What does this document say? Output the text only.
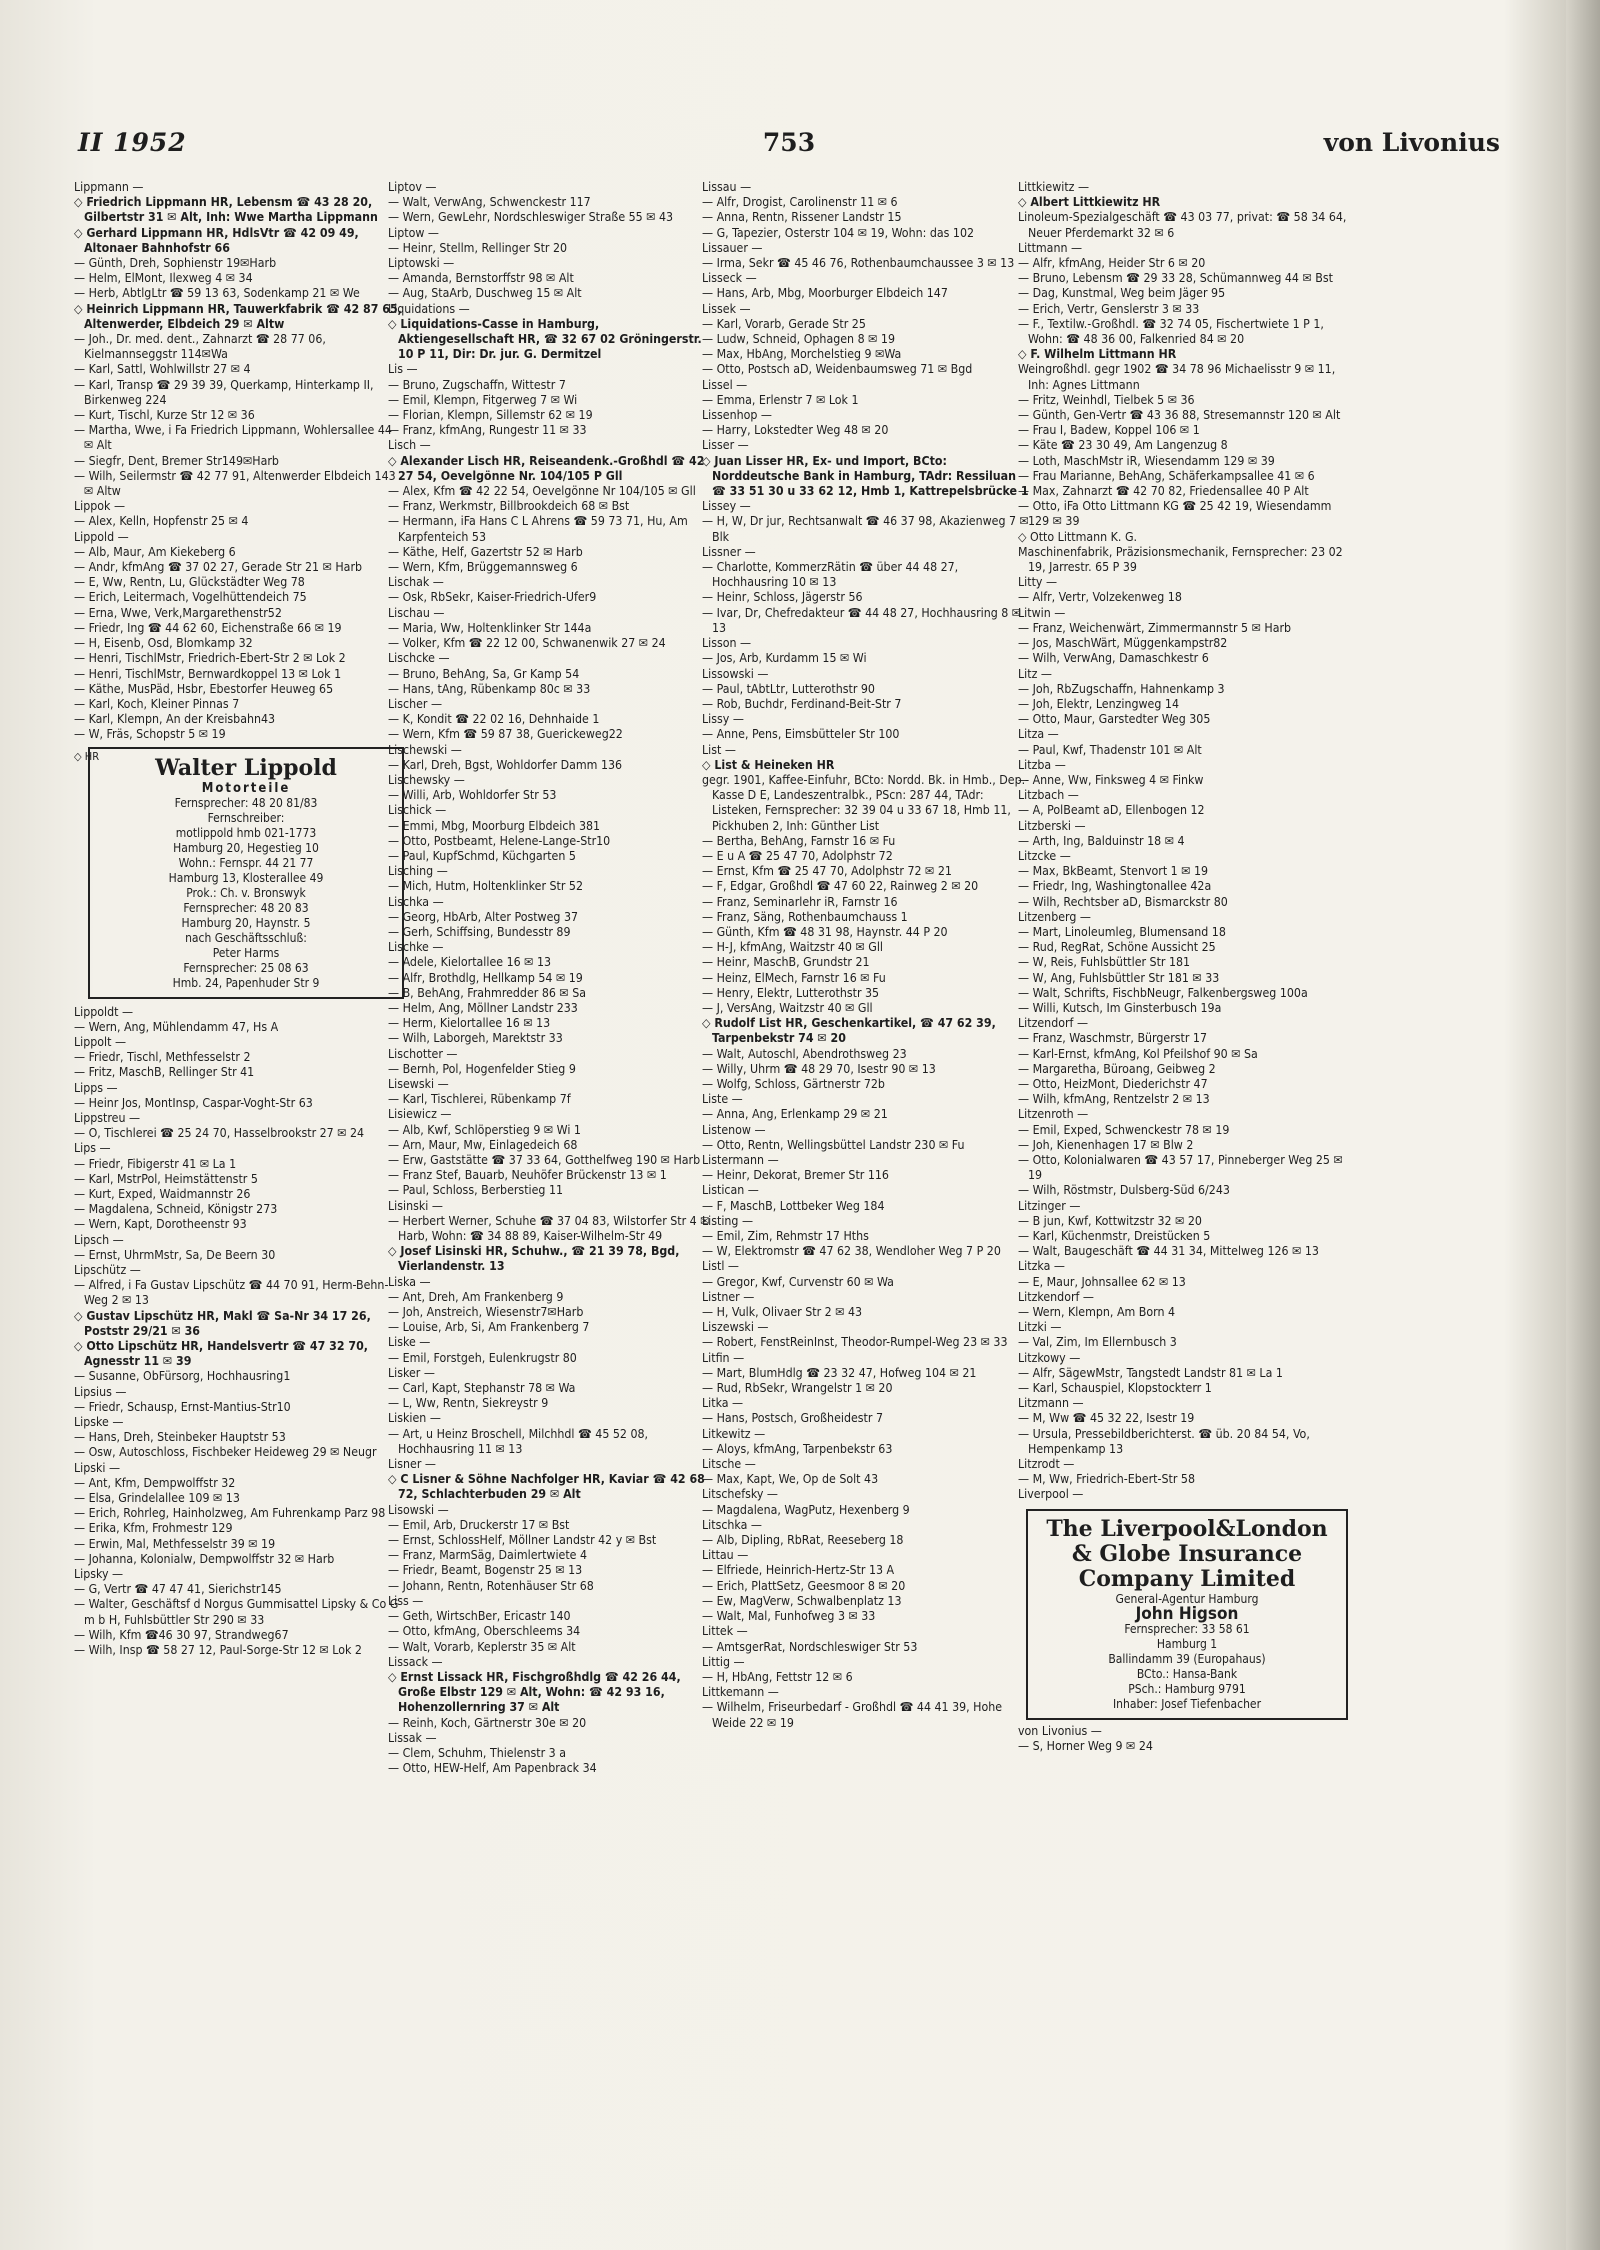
II 1952	753	von Livonius
Lippmann —
◇ Friedrich Lippmann HR, Lebensm ☎ 43 28 20, Gilbertstr 31 ✉ Alt, Inh: Wwe Martha Lippmann
◇ Gerhard Lippmann HR, HdlsVtr ☎ 42 09 49, Altonaer Bahnhofstr 66
— Günth, Dreh, Sophienstr 19✉Harb
— Helm, ElMont, Ilexweg 4 ✉ 34
— Herb, AbtlgLtr ☎ 59 13 63, Sodenkamp 21 ✉ We
◇ Heinrich Lippmann HR, Tauwerkfabrik ☎ 42 87 65, Altenwerder, Elbdeich 29 ✉ Altw
— Joh., Dr. med. dent., Zahnarzt ☎ 28 77 06, Kielmannseggstr 114✉Wa
— Karl, Sattl, Wohlwillstr 27 ✉ 4
— Karl, Transp ☎ 29 39 39, Querkamp, Hinterkamp II, Birkenweg 224
— Kurt, Tischl, Kurze Str 12 ✉ 36
— Martha, Wwe, i Fa Friedrich Lippmann, Wohlersallee 44 ✉ Alt
— Siegfr, Dent, Bremer Str149✉Harb
— Wilh, Seilermstr ☎ 42 77 91, Altenwerder Elbdeich 143 ✉ Altw
Lippok —
— Alex, Kelln, Hopfenstr 25 ✉ 4
Lippold —
— Alb, Maur, Am Kiekeberg 6
— Andr, kfmAng ☎ 37 02 27, Gerade Str 21 ✉ Harb
— E, Ww, Rentn, Lu, Glückstädter Weg 78
— Erich, Leitermach, Vogelhüttendeich 75
— Erna, Wwe, Verk,Margarethenstr52
— Friedr, Ing ☎ 44 62 60, Eichenstraße 66 ✉ 19
— H, Eisenb, Osd, Blomkamp 32
— Henri, TischlMstr, Friedrich-Ebert-Str 2 ✉ Lok 2
— Henri, TischlMstr, Bernwardkoppel 13 ✉ Lok 1
— Käthe, MusPäd, Hsbr, Ebestorfer Heuweg 65
— Karl, Koch, Kleiner Pinnas 7
— Karl, Klempn, An der Kreisbahn43
— W, Fräs, Schopstr 5 ✉ 19
◇ HR	Walter Lippold
Motorteile
Fernsprecher: 48 20 81/83
Fernschreiber:
motlippold hmb 021-1773
Hamburg 20, Hegestieg 10
Wohn.: Fernspr. 44 21 77
Hamburg 13, Klosterallee 49
Prok.: Ch. v. Bronswyk
Fernsprecher: 48 20 83
Hamburg 20, Haynstr. 5
nach Geschäftsschluß:
Peter Harms
Fernsprecher: 25 08 63
Hmb. 24, Papenhuder Str 9
Lippoldt —
— Wern, Ang, Mühlendamm 47, Hs A
Lippolt —
— Friedr, Tischl, Methfesselstr 2
— Fritz, MaschB, Rellinger Str 41
Lipps —
— Heinr Jos, MontInsp, Caspar-Voght-Str 63
Lippstreu —
— O, Tischlerei ☎ 25 24 70, Hasselbrookstr 27 ✉ 24
Lips —
— Friedr, Fibigerstr 41 ✉ La 1
— Karl, MstrPol, Heimstättenstr 5
— Kurt, Exped, Waidmannstr 26
— Magdalena, Schneid, Königstr 273
— Wern, Kapt, Dorotheenstr 93
Lipsch —
— Ernst, UhrmMstr, Sa, De Beern 30
Lipschütz —
— Alfred, i Fa Gustav Lipschütz ☎ 44 70 91, Herm-Behn-Weg 2 ✉ 13
◇ Gustav Lipschütz HR, Makl ☎ Sa-Nr 34 17 26, Poststr 29/21 ✉ 36
◇ Otto Lipschütz HR, Handelsvertr ☎ 47 32 70, Agnesstr 11 ✉ 39
— Susanne, ObFürsorg, Hochhausring1
Lipsius —
— Friedr, Schausp, Ernst-Mantius-Str10
Lipske —
— Hans, Dreh, Steinbeker Hauptstr 53
— Osw, Autoschloss, Fischbeker Heideweg 29 ✉ Neugr
Lipski —
— Ant, Kfm, Dempwolffstr 32
— Elsa, Grindelallee 109 ✉ 13
— Erich, Rohrleg, Hainholzweg, Am Fuhrenkamp Parz 98
— Erika, Kfm, Frohmestr 129
— Erwin, Mal, Methfesselstr 39 ✉ 19
— Johanna, Kolonialw, Dempwolffstr 32 ✉ Harb
Lipsky —
— G, Vertr ☎ 47 47 41, Sierichstr145
— Walter, Geschäftsf d Norgus Gummisattel Lipsky & Co G m b H, Fuhlsbüttler Str 290 ✉ 33
— Wilh, Kfm ☎46 30 97, Strandweg67
— Wilh, Insp ☎ 58 27 12, Paul-Sorge-Str 12 ✉ Lok 2
Liptov —
— Walt, VerwAng, Schwenckestr 117
— Wern, GewLehr, Nordschleswiger Straße 55 ✉ 43
Liptow —
— Heinr, Stellm, Rellinger Str 20
Liptowski —
— Amanda, Bernstorffstr 98 ✉ Alt
— Aug, StaArb, Duschweg 15 ✉ Alt
Liquidations —
◇ Liquidations-Casse in Hamburg, Aktiengesellschaft HR, ☎ 32 67 02 Gröningerstr. 10 P 11, Dir: Dr. jur. G. Dermitzel
Lis —
— Bruno, Zugschaffn, Wittestr 7
— Emil, Klempn, Fitgerweg 7 ✉ Wi
— Florian, Klempn, Sillemstr 62 ✉ 19
— Franz, kfmAng, Rungestr 11 ✉ 33
Lisch —
◇ Alexander Lisch HR, Reiseandenk.-Großhdl ☎ 42 27 54, Oevelgönne Nr. 104/105 P Gll
— Alex, Kfm ☎ 42 22 54, Oevelgönne Nr 104/105 ✉ Gll
— Franz, Werkmstr, Billbrookdeich 68 ✉ Bst
— Hermann, iFa Hans C L Ahrens ☎ 59 73 71, Hu, Am Karpfenteich 53
— Käthe, Helf, Gazertstr 52 ✉ Harb
— Wern, Kfm, Brüggemannsweg 6
Lischak —
— Osk, RbSekr, Kaiser-Friedrich-Ufer9
Lischau —
— Maria, Ww, Holtenklinker Str 144a
— Volker, Kfm ☎ 22 12 00, Schwanenwik 27 ✉ 24
Lischcke —
— Bruno, BehAng, Sa, Gr Kamp 54
— Hans, tAng, Rübenkamp 80c ✉ 33
Lischer —
— K, Kondit ☎ 22 02 16, Dehnhaide 1
— Wern, Kfm ☎ 59 87 38, Guerickeweg22
Lischewski —
— Karl, Dreh, Bgst, Wohldorfer Damm 136
Lischewsky —
— Willi, Arb, Wohldorfer Str 53
Lischick —
— Emmi, Mbg, Moorburg Elbdeich 381
— Otto, Postbeamt, Helene-Lange-Str10
— Paul, KupfSchmd, Küchgarten 5
Lisching —
— Mich, Hutm, Holtenklinker Str 52
Lischka —
— Georg, HbArb, Alter Postweg 37
— Gerh, Schiffsing, Bundesstr 89
Lischke —
— Adele, Kielortallee 16 ✉ 13
— Alfr, Brothdlg, Hellkamp 54 ✉ 19
— B, BehAng, Frahmredder 86 ✉ Sa
— Helm, Ang, Möllner Landstr 233
— Herm, Kielortallee 16 ✉ 13
— Wilh, Laborgeh, Marektstr 33
Lischotter —
— Bernh, Pol, Hogenfelder Stieg 9
Lisewski —
— Karl, Tischlerei, Rübenkamp 7f
Lisiewicz —
— Alb, Kwf, Schlöperstieg 9 ✉ Wi 1
— Arn, Maur, Mw, Einlagedeich 68
— Erw, Gaststätte ☎ 37 33 64, Gotthelfweg 190 ✉ Harb
— Franz Stef, Bauarb, Neuhöfer Brückenstr 13 ✉ 1
— Paul, Schloss, Berberstieg 11
Lisinski —
— Herbert Werner, Schuhe ☎ 37 04 83, Wilstorfer Str 4 ✉ Harb, Wohn: ☎ 34 88 89, Kaiser-Wilhelm-Str 49
◇ Josef Lisinski HR, Schuhw., ☎ 21 39 78, Bgd, Vierlandenstr. 13
Liska —
— Ant, Dreh, Am Frankenberg 9
— Joh, Anstreich, Wiesenstr7✉Harb
— Louise, Arb, Si, Am Frankenberg 7
Liske —
— Emil, Forstgeh, Eulenkrugstr 80
Lisker —
— Carl, Kapt, Stephanstr 78 ✉ Wa
— L, Ww, Rentn, Siekreystr 9
Liskien —
— Art, u Heinz Broschell, Milchhdl ☎ 45 52 08, Hochhausring 11 ✉ 13
Lisner —
◇ C Lisner & Söhne Nachfolger HR, Kaviar ☎ 42 68 72, Schlachterbuden 29 ✉ Alt
Lisowski —
— Emil, Arb, Druckerstr 17 ✉ Bst
— Ernst, SchlossHelf, Möllner Landstr 42 y ✉ Bst
— Franz, MarmSäg, Daimlertwiete 4
— Friedr, Beamt, Bogenstr 25 ✉ 13
— Johann, Rentn, Rotenhäuser Str 68
Liss —
— Geth, WirtschBer, Ericastr 140
— Otto, kfmAng, Oberschleems 34
— Walt, Vorarb, Keplerstr 35 ✉ Alt
Lissack —
◇ Ernst Lissack HR, Fischgroßhdlg ☎ 42 26 44, Große Elbstr 129 ✉ Alt, Wohn: ☎ 42 93 16, Hohenzollernring 37 ✉ Alt
— Reinh, Koch, Gärtnerstr 30e ✉ 20
Lissak —
— Clem, Schuhm, Thielenstr 3 a
— Otto, HEW-Helf, Am Papenbrack 34
Lissau —
— Alfr, Drogist, Carolinenstr 11 ✉ 6
— Anna, Rentn, Rissener Landstr 15
— G, Tapezier, Osterstr 104 ✉ 19, Wohn: das 102
Lissauer —
— Irma, Sekr ☎ 45 46 76, Rothenbaumchaussee 3 ✉ 13
Lisseck —
— Hans, Arb, Mbg, Moorburger Elbdeich 147
Lissek —
— Karl, Vorarb, Gerade Str 25
— Ludw, Schneid, Ophagen 8 ✉ 19
— Max, HbAng, Morchelstieg 9 ✉Wa
— Otto, Postsch aD, Weidenbaumsweg 71 ✉ Bgd
Lissel —
— Emma, Erlenstr 7 ✉ Lok 1
Lissenhop —
— Harry, Lokstedter Weg 48 ✉ 20
Lisser —
◇ Juan Lisser HR, Ex- und Import, BCto: Norddeutsche Bank in Hamburg, TAdr: Ressiluan ☎ 33 51 30 u 33 62 12, Hmb 1, Kattrepelsbrücke 1
Lissey —
— H, W, Dr jur, Rechtsanwalt ☎ 46 37 98, Akazienweg 7 ✉ Blk
Lissner —
— Charlotte, KommerzRätin ☎ über 44 48 27, Hochhausring 10 ✉ 13
— Heinr, Schloss, Jägerstr 56
— Ivar, Dr, Chefredakteur ☎ 44 48 27, Hochhausring 8 ✉ 13
Lisson —
— Jos, Arb, Kurdamm 15 ✉ Wi
Lissowski —
— Paul, tAbtLtr, Lutterothstr 90
— Rob, Buchdr, Ferdinand-Beit-Str 7
Lissy —
— Anne, Pens, Eimsbütteler Str 100
List —
◇ List & Heineken HR
gegr. 1901, Kaffee-Einfuhr, BCto: Nordd. Bk. in Hmb., Dep.-Kasse D E, Landeszentralbk., PScn: 287 44, TAdr: Listeken, Fernsprecher: 32 39 04 u 33 67 18, Hmb 11, Pickhuben 2, Inh: Günther List
— Bertha, BehAng, Farnstr 16 ✉ Fu
— E u A ☎ 25 47 70, Adolphstr 72
— Ernst, Kfm ☎ 25 47 70, Adolphstr 72 ✉ 21
— F, Edgar, Großhdl ☎ 47 60 22, Rainweg 2 ✉ 20
— Franz, Seminarlehr iR, Farnstr 16
— Franz, Säng, Rothenbaumchauss 1
— Günth, Kfm ☎ 48 31 98, Haynstr. 44 P 20
— H-J, kfmAng, Waitzstr 40 ✉ Gll
— Heinr, MaschB, Grundstr 21
— Heinz, ElMech, Farnstr 16 ✉ Fu
— Henry, Elektr, Lutterothstr 35
— J, VersAng, Waitzstr 40 ✉ Gll
◇ Rudolf List HR, Geschenkartikel, ☎ 47 62 39, Tarpenbekstr 74 ✉ 20
— Walt, Autoschl, Abendrothsweg 23
— Willy, Uhrm ☎ 48 29 70, Isestr 90 ✉ 13
— Wolfg, Schloss, Gärtnerstr 72b
Liste —
— Anna, Ang, Erlenkamp 29 ✉ 21
Listenow —
— Otto, Rentn, Wellingsbüttel Landstr 230 ✉ Fu
Listermann —
— Heinr, Dekorat, Bremer Str 116
Listican —
— F, MaschB, Lottbeker Weg 184
Listing —
— Emil, Zim, Rehmstr 17 Hths
— W, Elektromstr ☎ 47 62 38, Wendloher Weg 7 P 20
Listl —
— Gregor, Kwf, Curvenstr 60 ✉ Wa
Listner —
— H, Vulk, Olivaer Str 2 ✉ 43
Liszewski —
— Robert, FenstReinInst, Theodor-Rumpel-Weg 23 ✉ 33
Litfin —
— Mart, BlumHdlg ☎ 23 32 47, Hofweg 104 ✉ 21
— Rud, RbSekr, Wrangelstr 1 ✉ 20
Litka —
— Hans, Postsch, Großheidestr 7
Litkewitz —
— Aloys, kfmAng, Tarpenbekstr 63
Litsche —
— Max, Kapt, We, Op de Solt 43
Litschefsky —
— Magdalena, WagPutz, Hexenberg 9
Litschka —
— Alb, Dipling, RbRat, Reeseberg 18
Littau —
— Elfriede, Heinrich-Hertz-Str 13 A
— Erich, PlattSetz, Geesmoor 8 ✉ 20
— Ew, MagVerw, Schwalbenplatz 13
— Walt, Mal, Funhofweg 3 ✉ 33
Littek —
— AmtsgerRat, Nordschleswiger Str 53
Littig —
— H, HbAng, Fettstr 12 ✉ 6
Littkemann —
— Wilhelm, Friseurbedarf - Großhdl ☎ 44 41 39, Hohe Weide 22 ✉ 19
Littkiewitz —
◇ Albert Littkiewitz HR
Linoleum-Spezialgeschäft ☎ 43 03 77, privat: ☎ 58 34 64, Neuer Pferdemarkt 32 ✉ 6
Littmann —
— Alfr, kfmAng, Heider Str 6 ✉ 20
— Bruno, Lebensm ☎ 29 33 28, Schümannweg 44 ✉ Bst
— Dag, Kunstmal, Weg beim Jäger 95
— Erich, Vertr, Genslerstr 3 ✉ 33
— F., Textilw.-Großhdl. ☎ 32 74 05, Fischertwiete 1 P 1, Wohn: ☎ 48 36 00, Falkenried 84 ✉ 20
◇ F. Wilhelm Littmann HR
Weingroßhdl. gegr 1902 ☎ 34 78 96 Michaelisstr 9 ✉ 11, Inh: Agnes Littmann
— Fritz, Weinhdl, Tielbek 5 ✉ 36
— Günth, Gen-Vertr ☎ 43 36 88, Stresemannstr 120 ✉ Alt
— Frau I, Badew, Koppel 106 ✉ 1
— Käte ☎ 23 30 49, Am Langenzug 8
— Loth, MaschMstr iR, Wiesendamm 129 ✉ 39
— Frau Marianne, BehAng, Schäferkampsallee 41 ✉ 6
— Max, Zahnarzt ☎ 42 70 82, Friedensallee 40 P Alt
— Otto, iFa Otto Littmann KG ☎ 25 42 19, Wiesendamm 129 ✉ 39
◇ Otto Littmann K. G.
Maschinenfabrik, Präzisionsmechanik, Fernsprecher: 23 02 19, Jarrestr. 65 P 39
Litty —
— Alfr, Vertr, Volzekenweg 18
Litwin —
— Franz, Weichenwärt, Zimmermannstr 5 ✉ Harb
— Jos, MaschWärt, Müggenkampstr82
— Wilh, VerwAng, Damaschkestr 6
Litz —
— Joh, RbZugschaffn, Hahnenkamp 3
— Joh, Elektr, Lenzingweg 14
— Otto, Maur, Garstedter Weg 305
Litza —
— Paul, Kwf, Thadenstr 101 ✉ Alt
Litzba —
— Anne, Ww, Finksweg 4 ✉ Finkw
Litzbach —
— A, PolBeamt aD, Ellenbogen 12
Litzberski —
— Arth, Ing, Balduinstr 18 ✉ 4
Litzcke —
— Max, BkBeamt, Stenvort 1 ✉ 19
— Friedr, Ing, Washingtonallee 42a
— Wilh, Rechtsber aD, Bismarckstr 80
Litzenberg —
— Mart, Linoleumleg, Blumensand 18
— Rud, RegRat, Schöne Aussicht 25
— W, Reis, Fuhlsbüttler Str 181
— W, Ang, Fuhlsbüttler Str 181 ✉ 33
— Walt, Schrifts, FischbNeugr, Falkenbergsweg 100a
— Willi, Kutsch, Im Ginsterbusch 19a
Litzendorf —
— Franz, Waschmstr, Bürgerstr 17
— Karl-Ernst, kfmAng, Kol Pfeilshof 90 ✉ Sa
— Margaretha, Büroang, Geibweg 2
— Otto, HeizMont, Diederichstr 47
— Wilh, kfmAng, Rentzelstr 2 ✉ 13
Litzenroth —
— Emil, Exped, Schwenckestr 78 ✉ 19
— Joh, Kienenhagen 17 ✉ Blw 2
— Otto, Kolonialwaren ☎ 43 57 17, Pinneberger Weg 25 ✉ 19
— Wilh, Röstmstr, Dulsberg-Süd 6/243
Litzinger —
— B jun, Kwf, Kottwitzstr 32 ✉ 20
— Karl, Küchenmstr, Dreistücken 5
— Walt, Baugeschäft ☎ 44 31 34, Mittelweg 126 ✉ 13
Litzka —
— E, Maur, Johnsallee 62 ✉ 13
Litzkendorf —
— Wern, Klempn, Am Born 4
Litzki —
— Val, Zim, Im Ellernbusch 3
Litzkowy —
— Alfr, SägewMstr, Tangstedt Landstr 81 ✉ La 1
— Karl, Schauspiel, Klopstockterr 1
Litzmann —
— M, Ww ☎ 45 32 22, Isestr 19
— Ursula, Pressebildberichterst. ☎ üb. 20 84 54, Vo, Hempenkamp 13
Litzrodt —
— M, Ww, Friedrich-Ebert-Str 58
Liverpool —
The Liverpool&London
& Globe Insurance
Company Limited
General-Agentur Hamburg
John Higson
Fernsprecher: 33 58 61
Hamburg 1
Ballindamm 39 (Europahaus)
BCto.: Hansa-Bank
PSch.: Hamburg 9791
Inhaber: Josef Tiefenbacher
von Livonius —
— S, Horner Weg 9 ✉ 24
